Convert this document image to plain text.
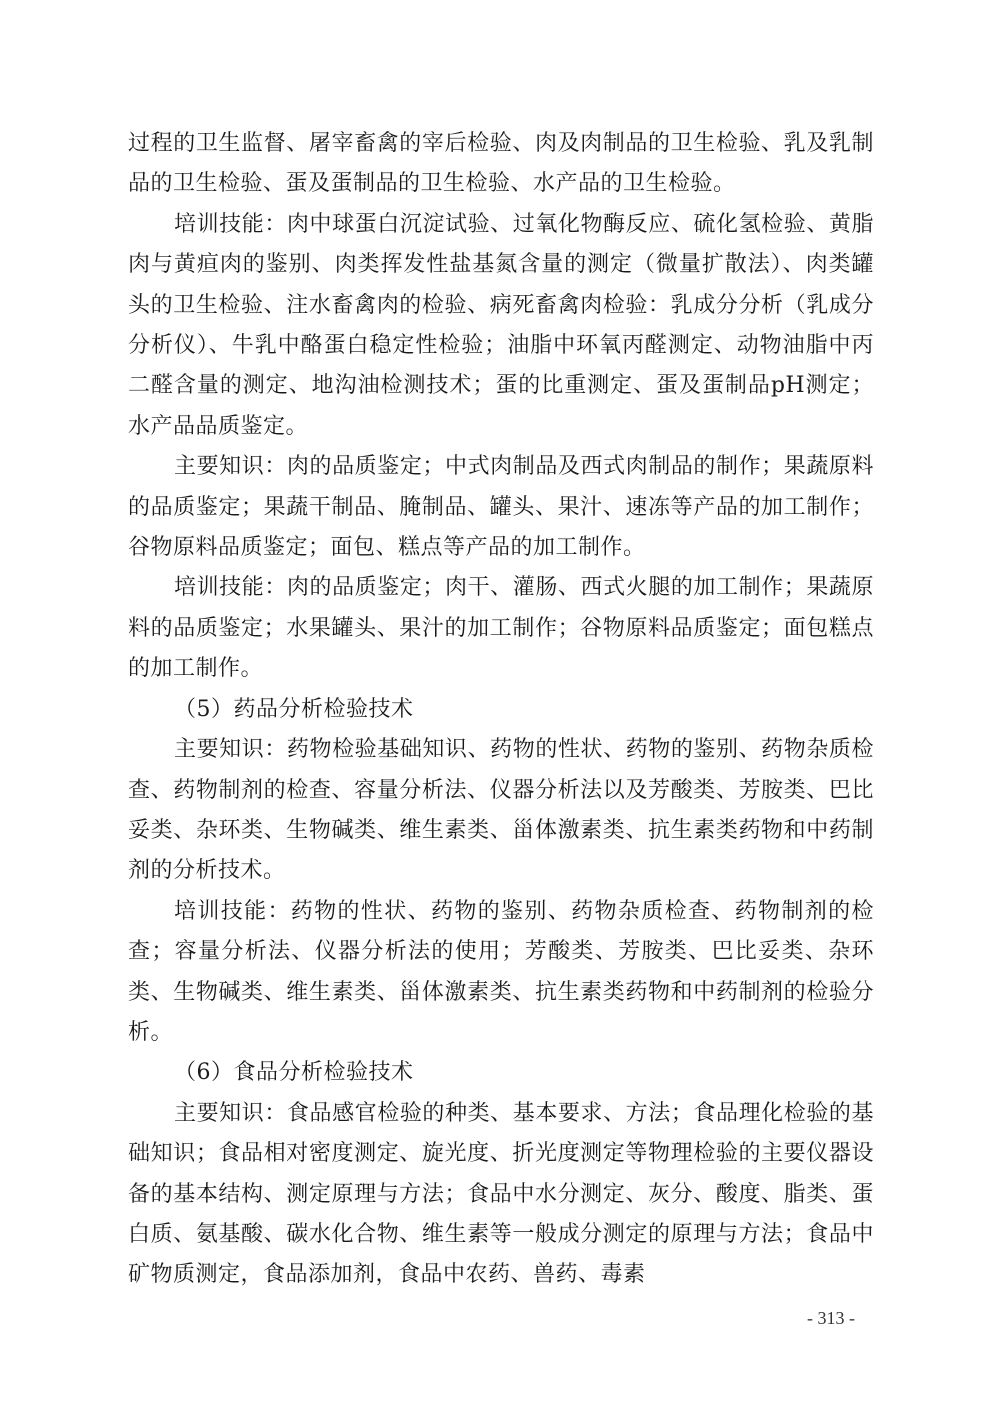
过程的卫生监督、屠宰畜禽的宰后检验、肉及肉制品的卫生检验、乳及乳制品的卫生检验、蛋及蛋制品的卫生检验、水产品的卫生检验。

培训技能：肉中球蛋白沉淀试验、过氧化物酶反应、硫化氢检验、黄脂肉与黄疸肉的鉴别、肉类挥发性盐基氮含量的测定（微量扩散法）、肉类罐头的卫生检验、注水畜禽肉的检验、病死畜禽肉检验：乳成分分析（乳成分分析仪）、牛乳中酪蛋白稳定性检验；油脂中环氧丙醛测定、动物油脂中丙二醛含量的测定、地沟油检测技术；蛋的比重测定、蛋及蛋制品pH测定；水产品品质鉴定。

主要知识：肉的品质鉴定；中式肉制品及西式肉制品的制作；果蔬原料的品质鉴定；果蔬干制品、腌制品、罐头、果汁、速冻等产品的加工制作；谷物原料品质鉴定；面包、糕点等产品的加工制作。

培训技能：肉的品质鉴定；肉干、灌肠、西式火腿的加工制作；果蔬原料的品质鉴定；水果罐头、果汁的加工制作；谷物原料品质鉴定；面包糕点的加工制作。

（5）药品分析检验技术

主要知识：药物检验基础知识、药物的性状、药物的鉴别、药物杂质检查、药物制剂的检查、容量分析法、仪器分析法以及芳酸类、芳胺类、巴比妥类、杂环类、生物碱类、维生素类、甾体激素类、抗生素类药物和中药制剂的分析技术。

培训技能：药物的性状、药物的鉴别、药物杂质检查、药物制剂的检查；容量分析法、仪器分析法的使用；芳酸类、芳胺类、巴比妥类、杂环类、生物碱类、维生素类、甾体激素类、抗生素类药物和中药制剂的检验分析。

（6）食品分析检验技术

主要知识：食品感官检验的种类、基本要求、方法；食品理化检验的基础知识；食品相对密度测定、旋光度、折光度测定等物理检验的主要仪器设备的基本结构、测定原理与方法；食品中水分测定、灰分、酸度、脂类、蛋白质、氨基酸、碳水化合物、维生素等一般成分测定的原理与方法；食品中矿物质测定，食品添加剂，食品中农药、兽药、毒素

- 313 -
